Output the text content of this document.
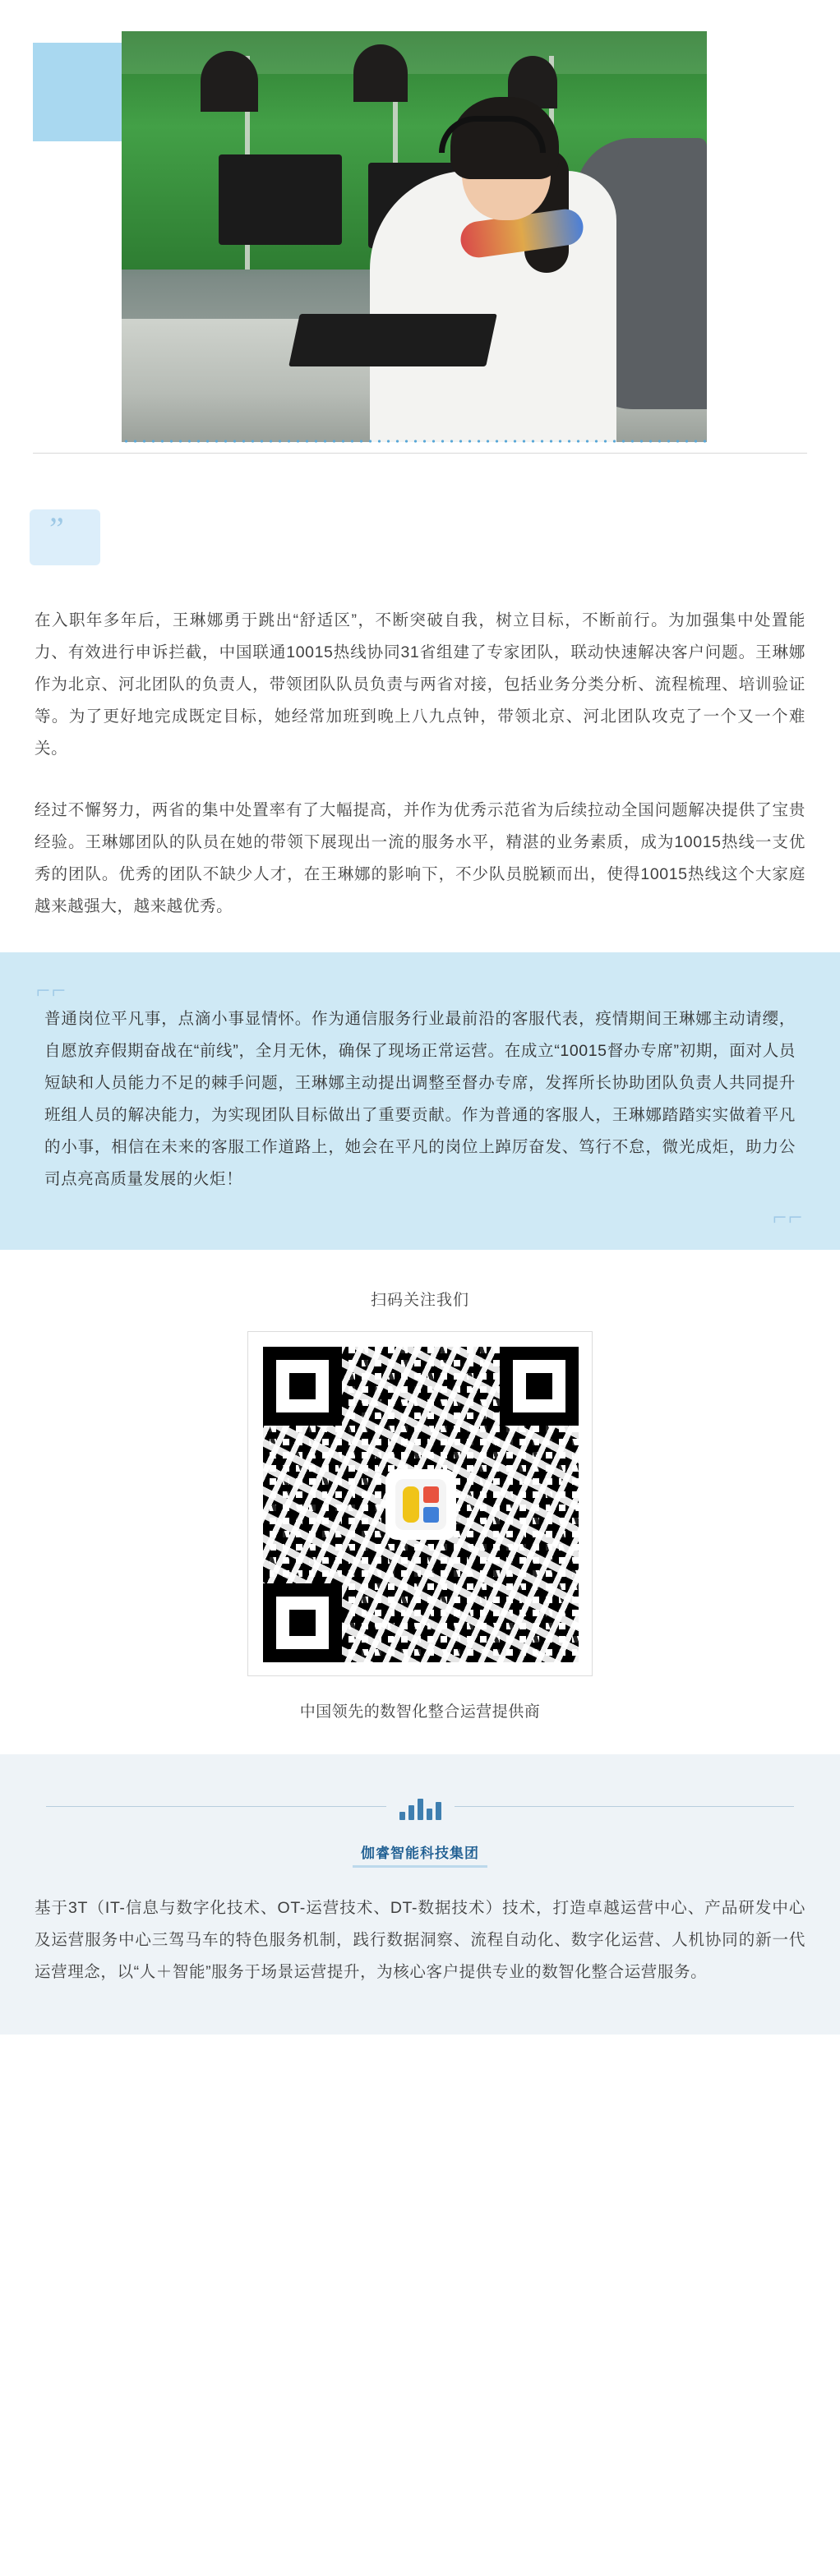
”

在入职年多年后，王琳娜勇于跳出“舒适区”，不断突破自我，树立目标，不断前行。为加强集中处置能力、有效进行申诉拦截，中国联通10015热线协同31省组建了专家团队，联动快速解决客户问题。王琳娜作为北京、河北团队的负责人，带领团队队员负责与两省对接，包括业务分类分析、流程梳理、培训验证等。为了更好地完成既定目标，她经常加班到晚上八九点钟，带领北京、河北团队攻克了一个又一个难关。

经过不懈努力，两省的集中处置率有了大幅提高，并作为优秀示范省为后续拉动全国问题解决提供了宝贵经验。王琳娜团队的队员在她的带领下展现出一流的服务水平，精湛的业务素质，成为10015热线一支优秀的团队。优秀的团队不缺少人才，在王琳娜的影响下，不少队员脱颖而出，使得10015热线这个大家庭越来越强大，越来越优秀。

⌐⌐

普通岗位平凡事，点滴小事显情怀。作为通信服务行业最前沿的客服代表，疫情期间王琳娜主动请缨，自愿放弃假期奋战在“前线”，全月无休，确保了现场正常运营。在成立“10015督办专席”初期，面对人员短缺和人员能力不足的棘手问题，王琳娜主动提出调整至督办专席，发挥所长协助团队负责人共同提升班组人员的解决能力，为实现团队目标做出了重要贡献。作为普通的客服人，王琳娜踏踏实实做着平凡的小事，相信在未来的客服工作道路上，她会在平凡的岗位上踔厉奋发、笃行不怠，微光成炬，助力公司点亮高质量发展的火炬！

⌐⌐
扫码关注我们
中国领先的数智化整合运营提供商
伽睿智能科技集团

基于3T（IT-信息与数字化技术、OT-运营技术、DT-数据技术）技术，打造卓越运营中心、产品研发中心及运营服务中心三驾马车的特色服务机制，践行数据洞察、流程自动化、数字化运营、人机协同的新一代运营理念，以“人＋智能”服务于场景运营提升，为核心客户提供专业的数智化整合运营服务。
